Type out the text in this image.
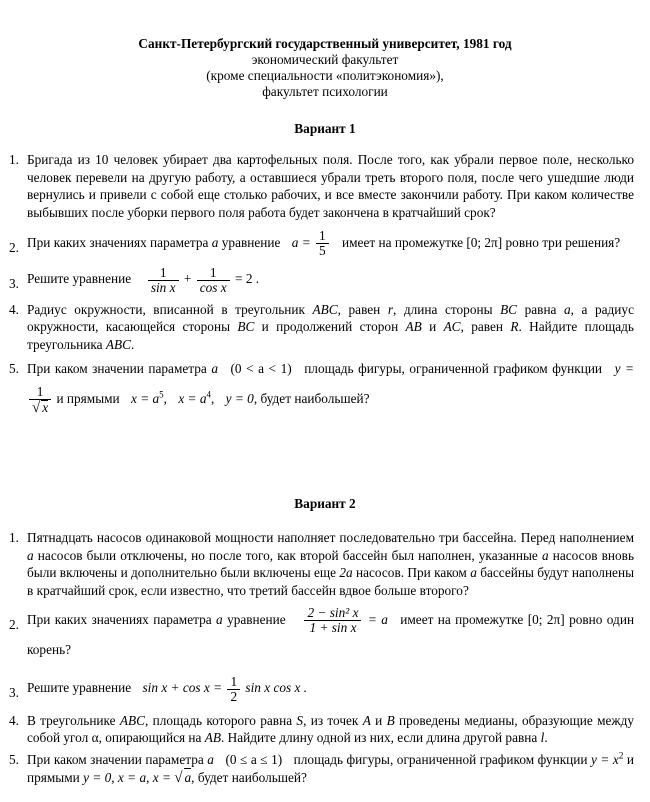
Санкт-Петербургский государственный университет, 1981 год
экономический факультет
(кроме специальности «политэкономия»),
факультет психологии
Вариант 1
1. Бригада из 10 человек убирает два картофельных поля. После того, как убрали первое поле, несколько человек перевели на другую работу, а оставшиеся убрали треть второго поля, после чего ушедшие люди вернулись и привели с собой еще столько рабочих, и все вместе закончили работу. При каком количестве выбывших после уборки первого поля работа будет закончена в кратчайший срок?
2. При каких значениях параметра a уравнение $a = \frac{1}{5}$ имеет на промежутке [0; 2π] ровно три решения?
3. Решите уравнение $\frac{1}{\text{sin x}} + \frac{1}{\text{cos x}} = 2$ .
4. Радиус окружности, вписанной в треугольник ABC, равен r, длина стороны BC равна a, а радиус окружности, касающейся стороны BC и продолжений сторон AB и AC, равен R. Найдите площадь треугольника ABC.
5. При каком значении параметра a (0 < a < 1) площадь фигуры, ограниченной графиком функции y =
$\frac{1}{√ x}$ и прямыми $x = a^5$, $x = a^4$, y = 0, будет наибольшей?
Вариант 2
1. Пятнадцать насосов одинаковой мощности наполняет последовательно три бассейна. Перед наполнением a насосов были отключены, но после того, как второй бассейн был наполнен, указанные a насосов вновь были включены и дополнительно были включены еще 2a насосов. При каком a бассейны будут наполнены в кратчайший срок, если известно, что третий бассейн вдвое больше второго?
2. При каких значениях параметра a уравнение $\frac{\text{2 − sin² x}}{\text{1 + sin x}} = a$ имеет на промежутке [0; 2π] ровно один корень?
3. Решите уравнение $\sin x + \cos x = \frac{1}{2}$ sin x cos x .
4. В треугольнике ABC, площадь которого равна S, из точек A и B проведены медианы, образующие между собой угол α, опирающийся на AB. Найдите длину одной из них, если длина другой равна l.
5. При каком значении параметра a (0 ≤ a ≤ 1) площадь фигуры, ограниченной графиком функции $y = x^2$ и прямыми y = 0, x = a, x = √ a, будет наибольшей?
